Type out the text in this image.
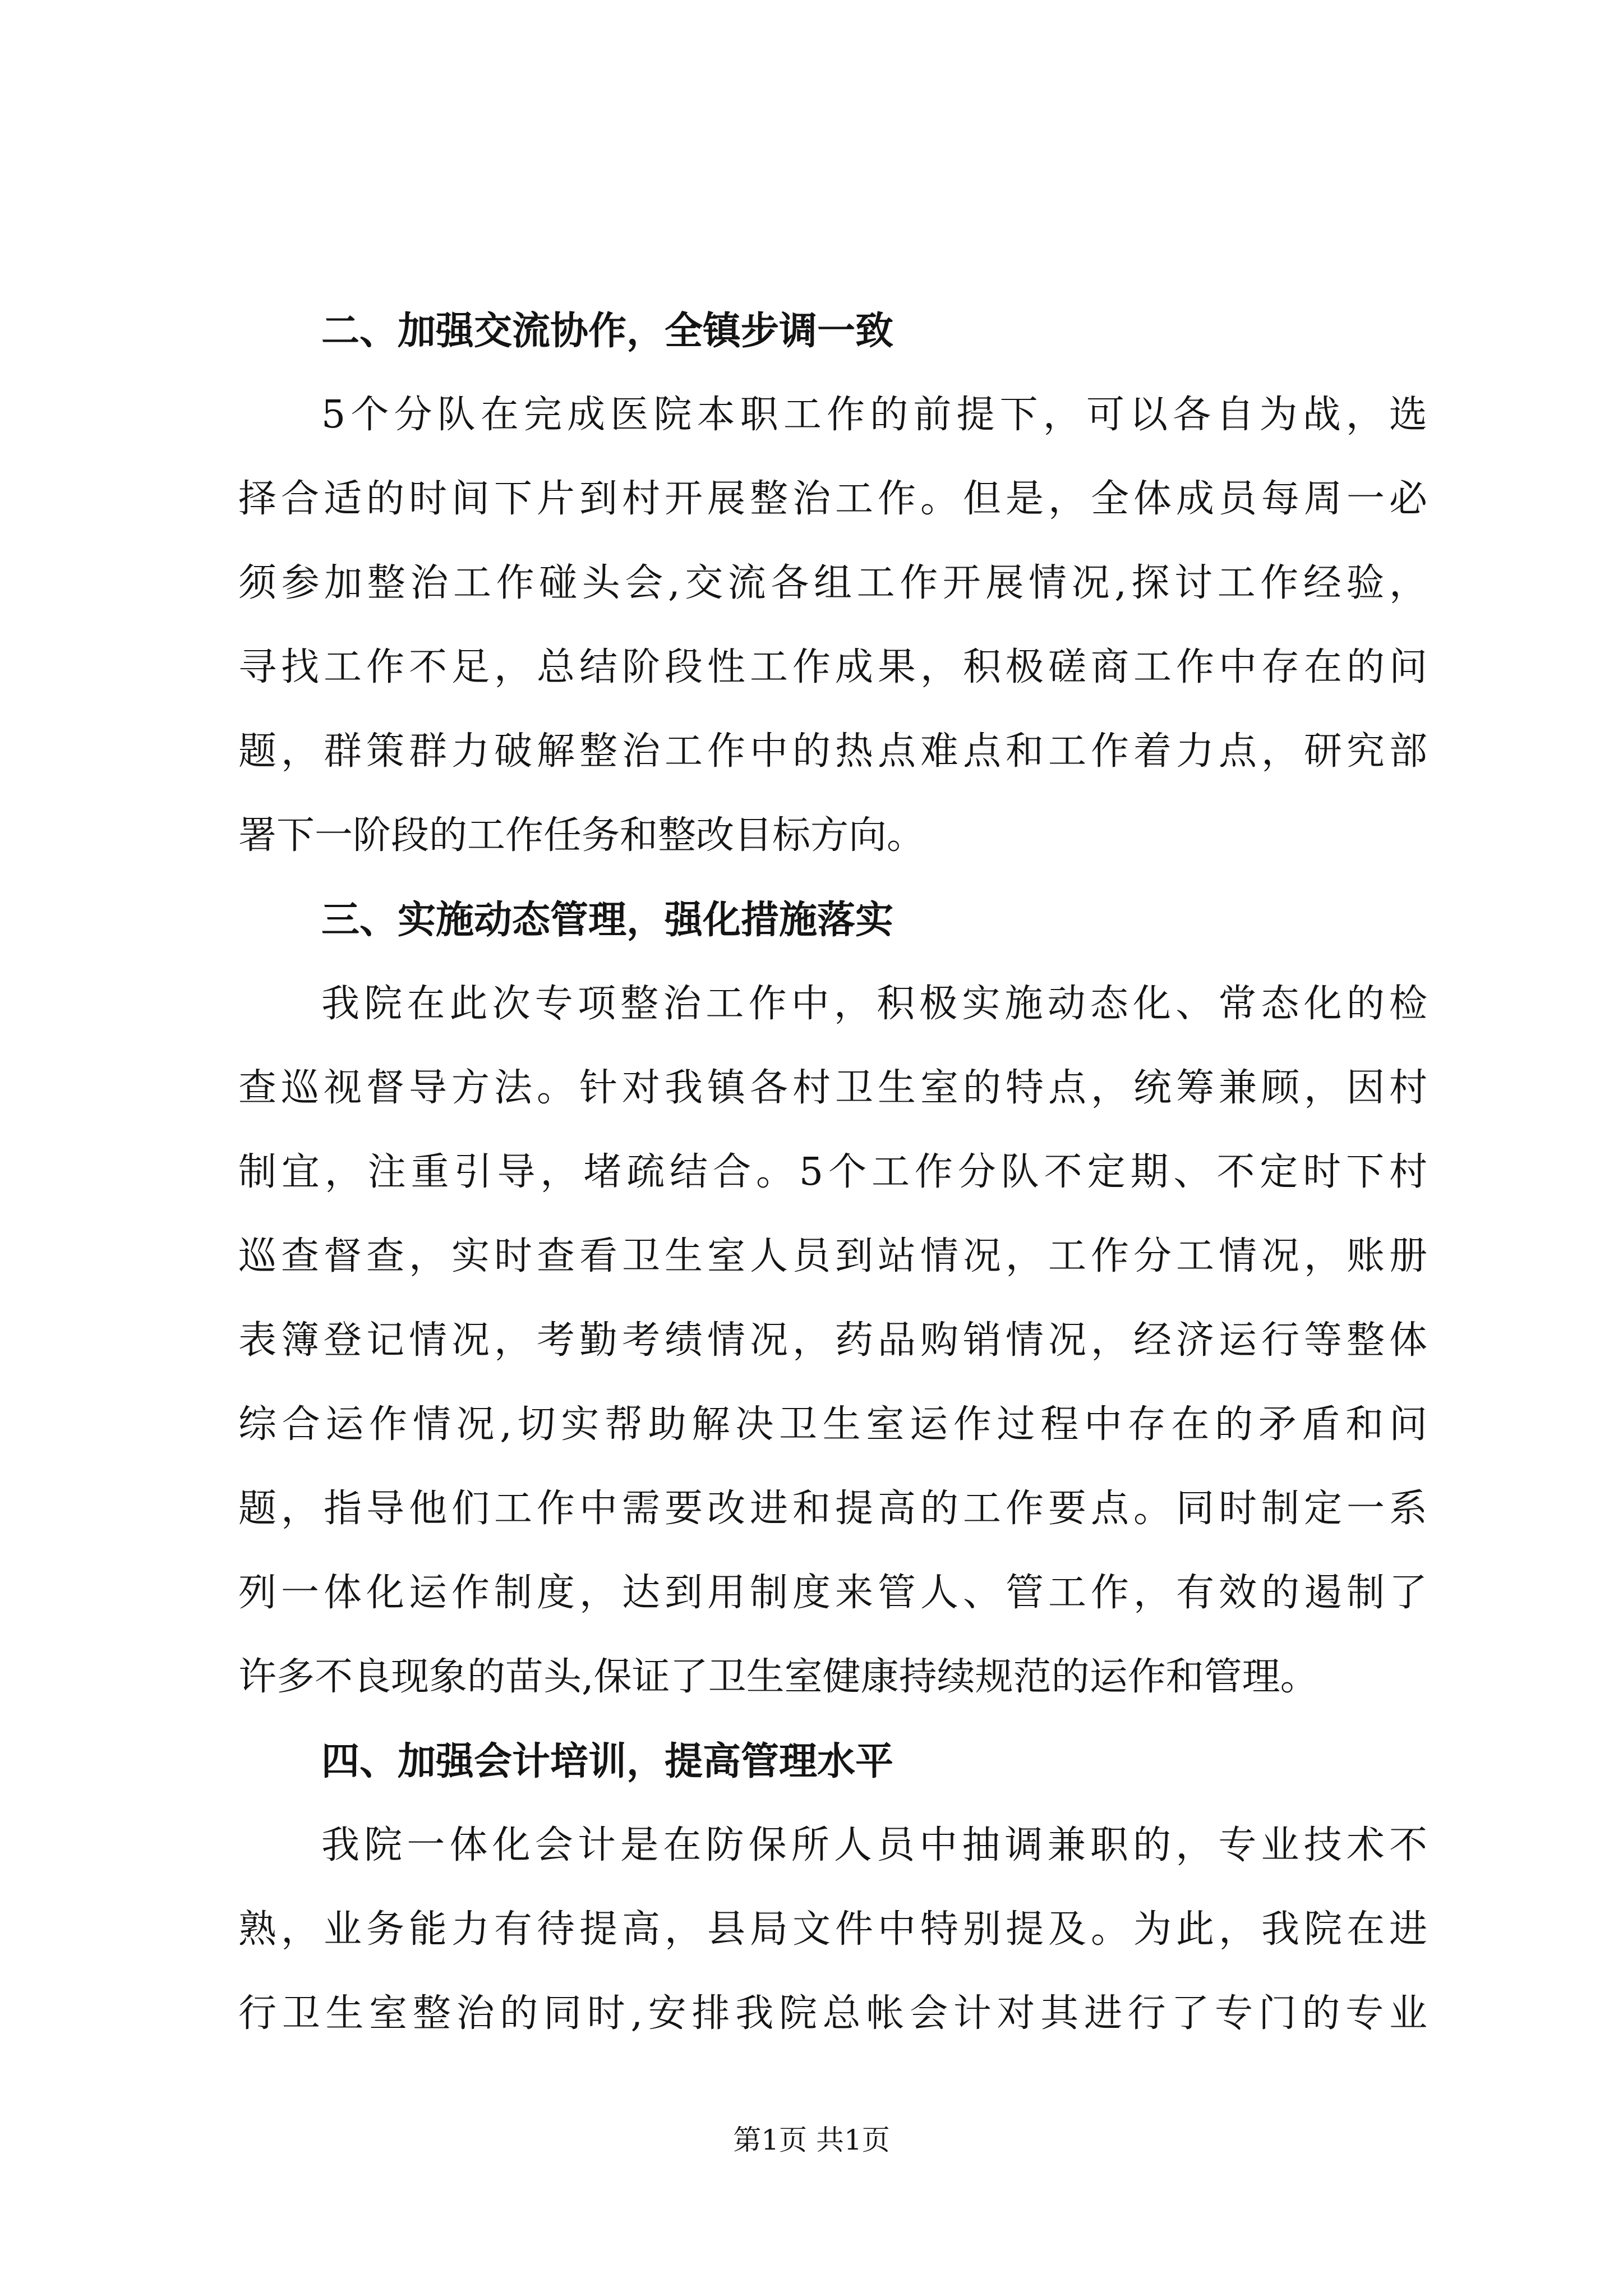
二、加强交流协作，全镇步调一致
5个分队在完成医院本职工作的前提下，可以各自为战，选
择合适的时间下片到村开展整治工作。但是，全体成员每周一必
须参加整治工作碰头会,交流各组工作开展情况,探讨工作经验，
寻找工作不足，总结阶段性工作成果，积极磋商工作中存在的问
题，群策群力破解整治工作中的热点难点和工作着力点，研究部
署下一阶段的工作任务和整改目标方向。
三、实施动态管理，强化措施落实
我院在此次专项整治工作中，积极实施动态化、常态化的检
查巡视督导方法。针对我镇各村卫生室的特点，统筹兼顾，因村
制宜，注重引导，堵疏结合。5个工作分队不定期、不定时下村
巡查督查，实时查看卫生室人员到站情况，工作分工情况，账册
表簿登记情况，考勤考绩情况，药品购销情况，经济运行等整体
综合运作情况,切实帮助解决卫生室运作过程中存在的矛盾和问
题，指导他们工作中需要改进和提高的工作要点。同时制定一系
列一体化运作制度，达到用制度来管人、管工作，有效的遏制了
许多不良现象的苗头,保证了卫生室健康持续规范的运作和管理。
四、加强会计培训，提高管理水平
我院一体化会计是在防保所人员中抽调兼职的，专业技术不
熟，业务能力有待提高，县局文件中特别提及。为此，我院在进
行卫生室整治的同时,安排我院总帐会计对其进行了专门的专业
第1页 共1页
